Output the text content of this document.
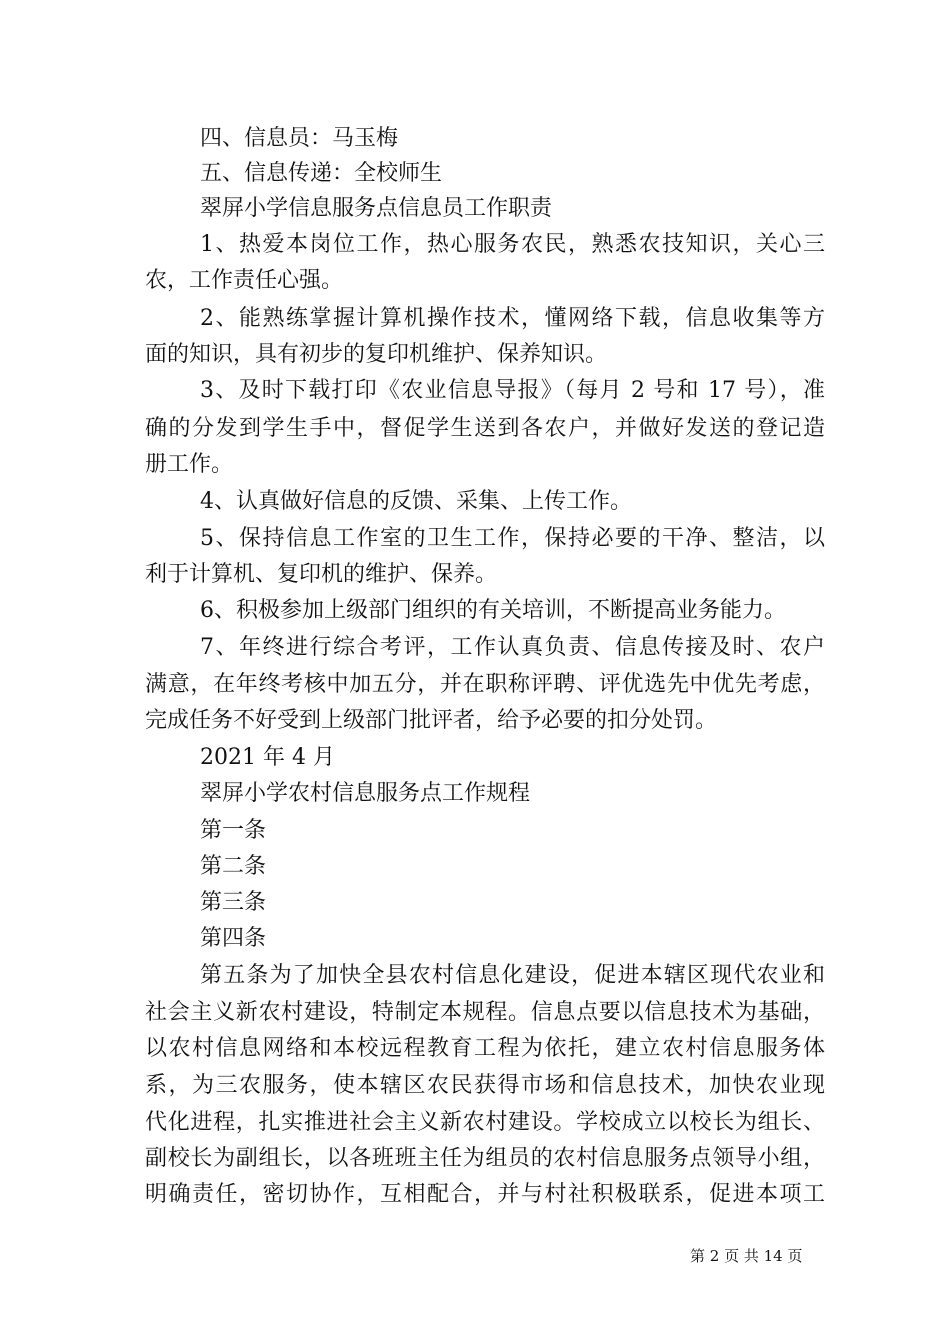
四、信息员：马玉梅
五、信息传递：全校师生
翠屏小学信息服务点信息员工作职责
1、热爱本岗位工作，热心服务农民，熟悉农技知识，关心三
农，工作责任心强。
2、能熟练掌握计算机操作技术，懂网络下载，信息收集等方
面的知识，具有初步的复印机维护、保养知识。
3、及时下载打印《农业信息导报》（每月 2 号和 17 号），准
确的分发到学生手中，督促学生送到各农户，并做好发送的登记造
册工作。
4、认真做好信息的反馈、采集、上传工作。
5、保持信息工作室的卫生工作，保持必要的干净、整洁，以
利于计算机、复印机的维护、保养。
6、积极参加上级部门组织的有关培训，不断提高业务能力。
7、年终进行综合考评，工作认真负责、信息传接及时、农户
满意，在年终考核中加五分，并在职称评聘、评优选先中优先考虑，
完成任务不好受到上级部门批评者，给予必要的扣分处罚。
2021 年 4 月
翠屏小学农村信息服务点工作规程
第一条
第二条
第三条
第四条
第五条为了加快全县农村信息化建设，促进本辖区现代农业和
社会主义新农村建设，特制定本规程。信息点要以信息技术为基础，
以农村信息网络和本校远程教育工程为依托，建立农村信息服务体
系，为三农服务，使本辖区农民获得市场和信息技术，加快农业现
代化进程，扎实推进社会主义新农村建设。学校成立以校长为组长、
副校长为副组长，以各班班主任为组员的农村信息服务点领导小组，
明确责任，密切协作，互相配合，并与村社积极联系，促进本项工
第 2 页 共 14 页
